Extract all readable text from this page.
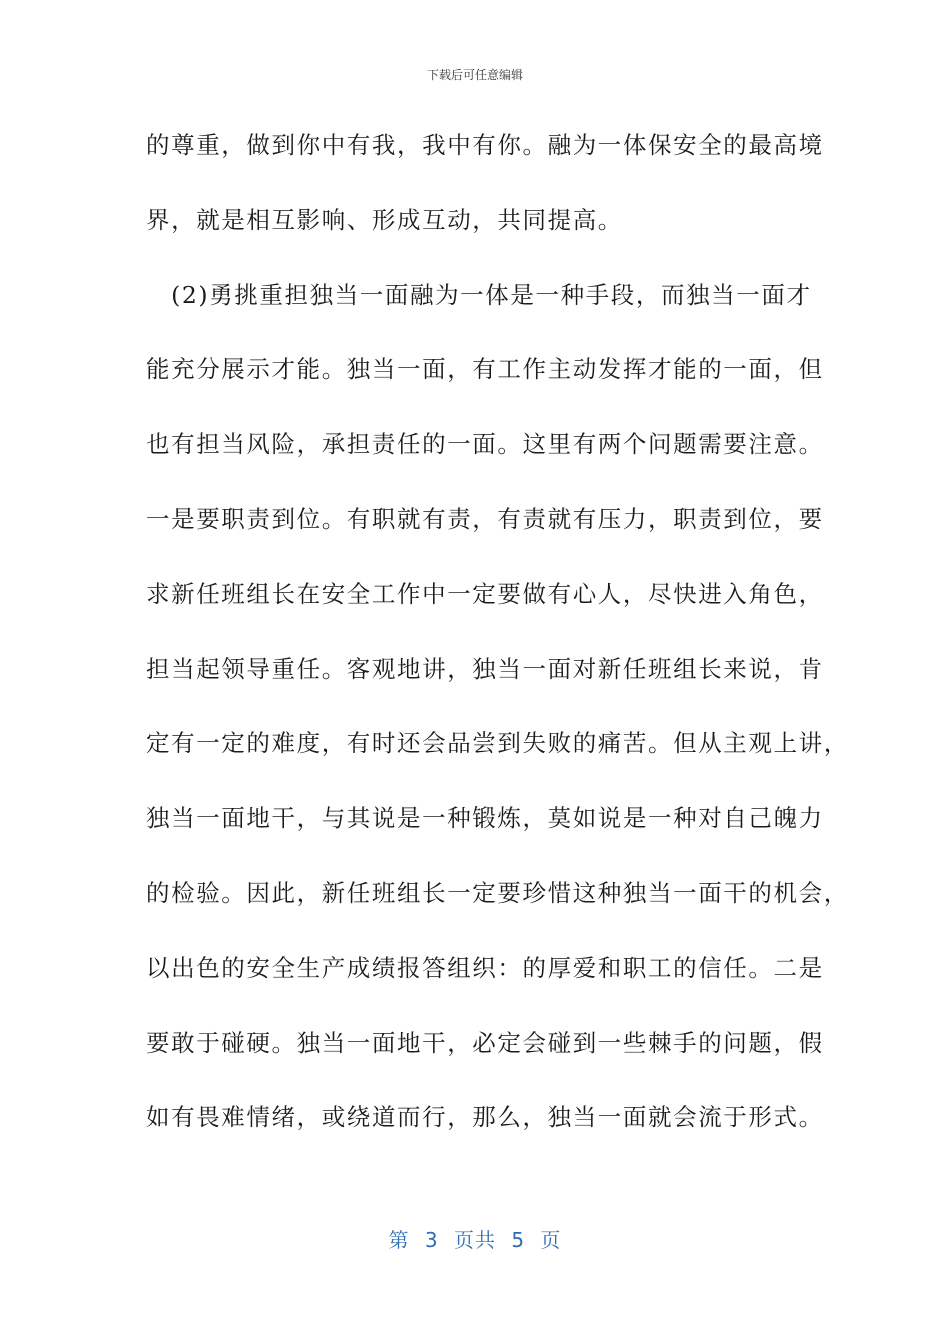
下载后可任意编辑
的尊重，做到你中有我，我中有你。融为一体保安全的最高境
界，就是相互影响、形成互动，共同提高。
　(2)勇挑重担独当一面融为一体是一种手段，而独当一面才
能充分展示才能。独当一面，有工作主动发挥才能的一面，但
也有担当风险，承担责任的一面。这里有两个问题需要注意。
一是要职责到位。有职就有责，有责就有压力，职责到位，要
求新任班组长在安全工作中一定要做有心人，尽快进入角色，
担当起领导重任。客观地讲，独当一面对新任班组长来说，肯
定有一定的难度，有时还会品尝到失败的痛苦。但从主观上讲，
独当一面地干，与其说是一种锻炼，莫如说是一种对自己魄力
的检验。因此，新任班组长一定要珍惜这种独当一面干的机会，
以出色的安全生产成绩报答组织：的厚爱和职工的信任。二是
要敢于碰硬。独当一面地干，必定会碰到一些棘手的问题，假
如有畏难情绪，或绕道而行，那么，独当一面就会流于形式。
第 3 页共 5 页
